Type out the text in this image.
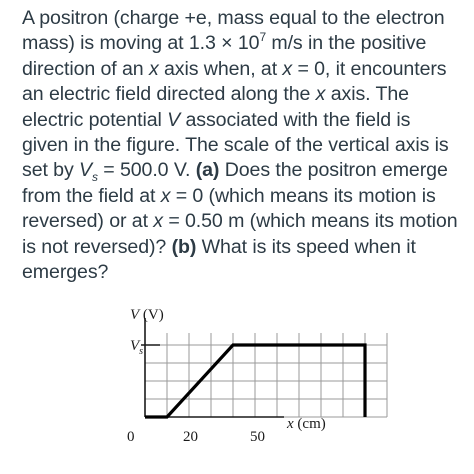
A positron (charge +e, mass equal to the electron
mass) is moving at $1.3 \times 10^7$ m/s in the positive
direction of an x axis when, at x = 0, it encounters
an electric field directed along the x axis. The
electric potential V associated with the field is
given in the figure. The scale of the vertical axis is
set by $V_s = 500.0$ V. (a) Does the positron emerge
from the field at x = 0 (which means its motion is
reversed) or at x = 0.50 m (which means its motion
is not reversed)? (b) What is its speed when it
emerges?
V (V)
$V_s$
x (cm)
0	20	50
